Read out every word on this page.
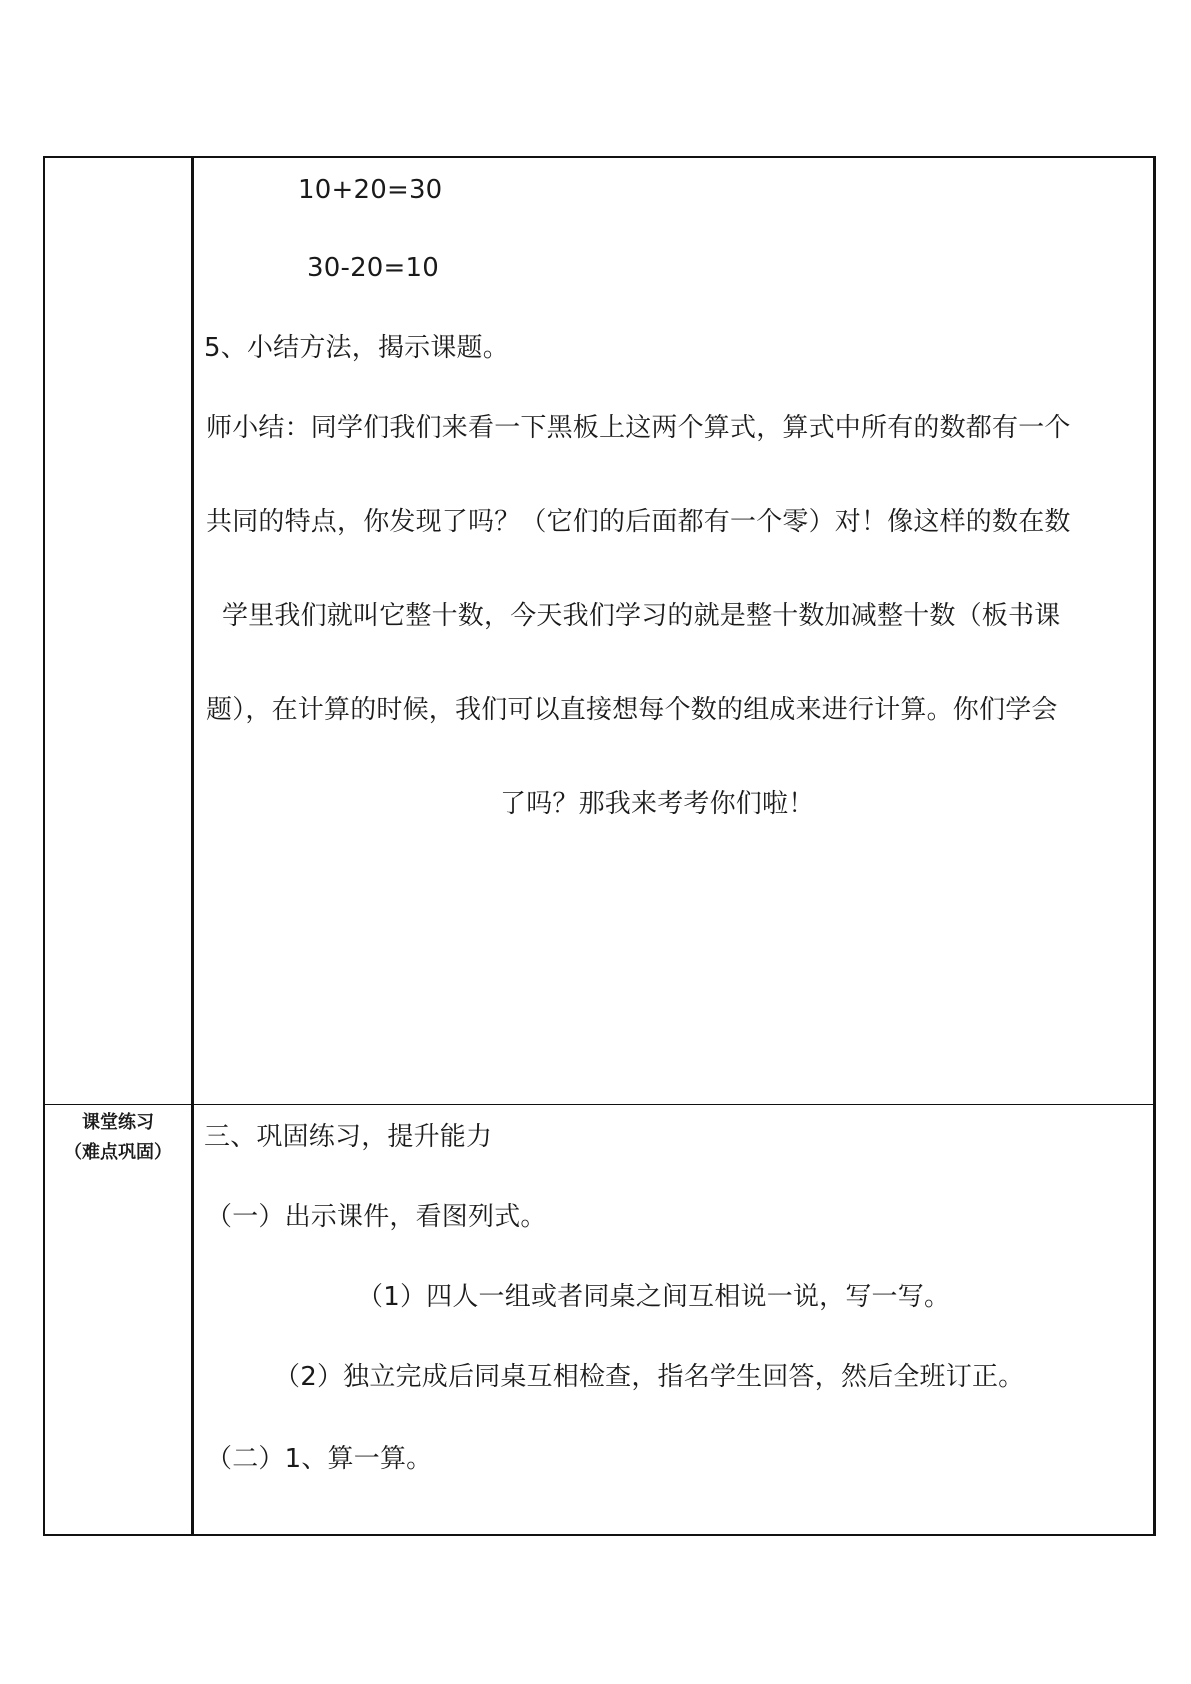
10+20=30
30-20=10
5、小结方法，揭示课题。
师小结：同学们我们来看一下黑板上这两个算式，算式中所有的数都有一个
共同的特点，你发现了吗？（它们的后面都有一个零）对！像这样的数在数
学里我们就叫它整十数，今天我们学习的就是整十数加减整十数（板书课
题），在计算的时候，我们可以直接想每个数的组成来进行计算。你们学会
了吗？那我来考考你们啦！
课堂练习
（难点巩固）
三、巩固练习，提升能力
（一）出示课件，看图列式。
（1）四人一组或者同桌之间互相说一说，写一写。
（2）独立完成后同桌互相检查，指名学生回答，然后全班订正。
（二）1、算一算。
